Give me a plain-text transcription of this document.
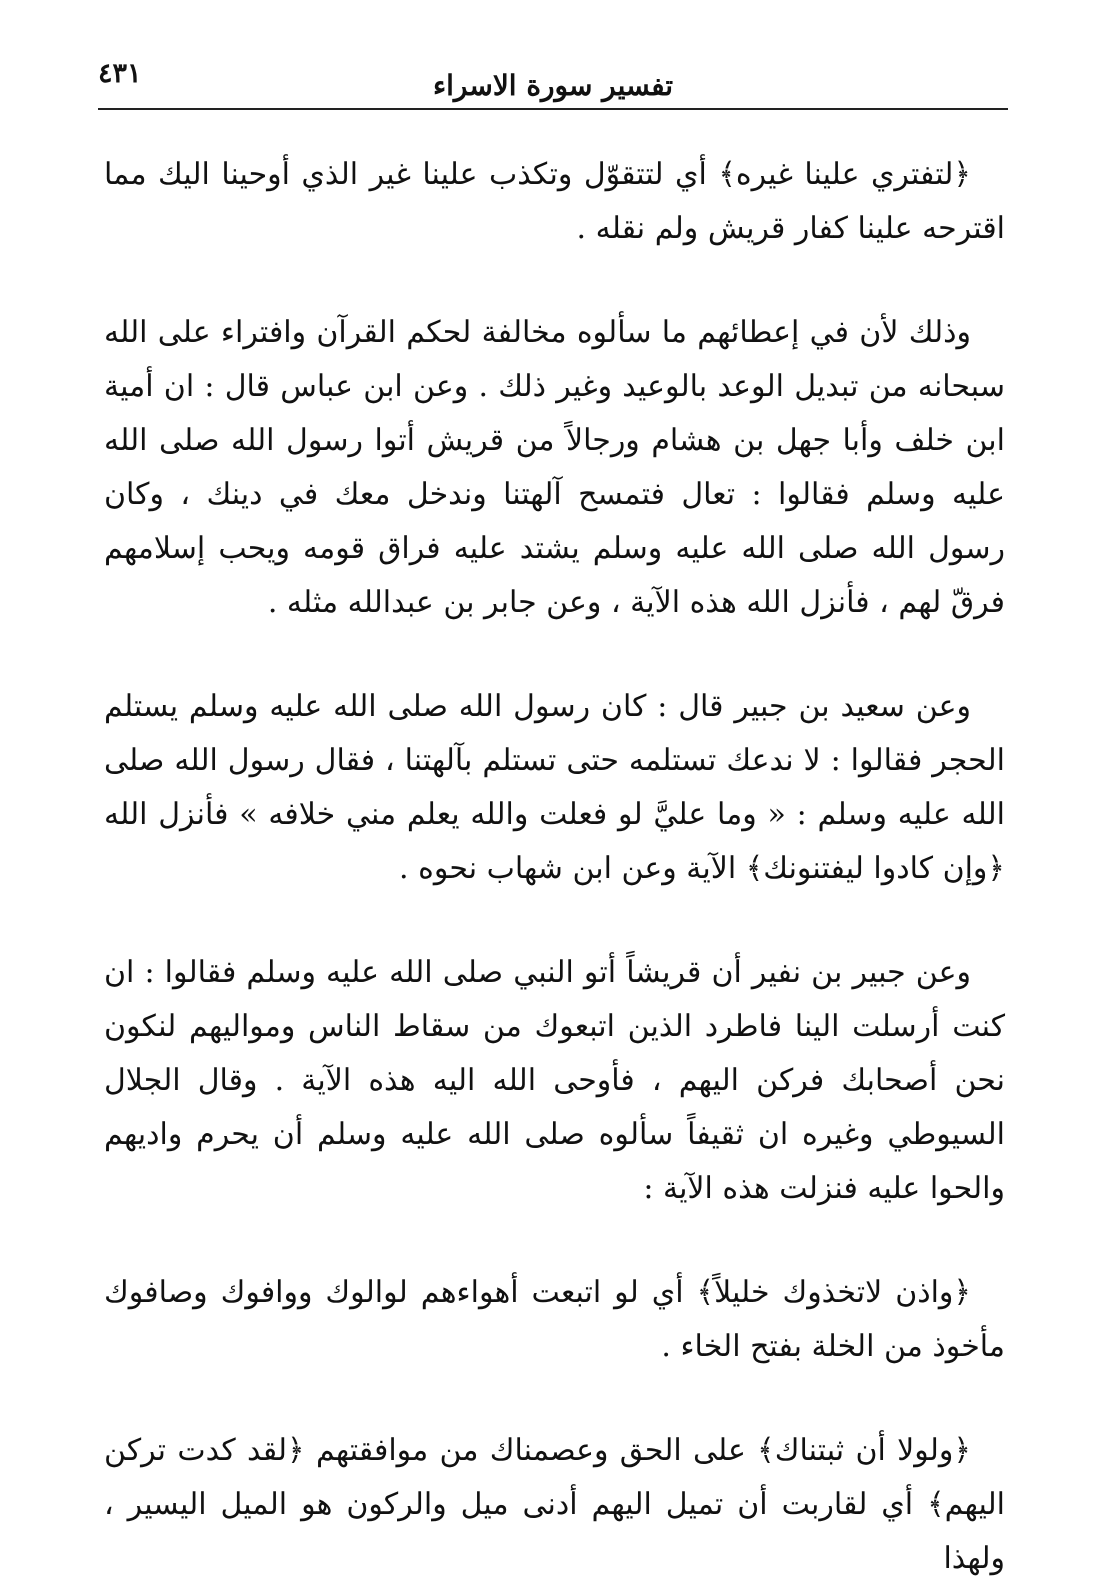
٤٣١	تفسير سورة الاسراء

﴿لتفتري علينا غيره﴾ أي لتتقوّل وتكذب علينا غير الذي أوحينا اليك مما اقترحه علينا كفار قريش ولم نقله .

وذلك لأن في إعطائهم ما سألوه مخالفة لحكم القرآن وافتراء على الله سبحانه من تبديل الوعد بالوعيد وغير ذلك . وعن ابن عباس قال : ان أمية ابن خلف وأبا جهل بن هشام ورجالاً من قريش أتوا رسول الله صلى الله عليه وسلم فقالوا : تعال فتمسح آلهتنا وندخل معك في دينك ، وكان رسول الله صلى الله عليه وسلم يشتد عليه فراق قومه ويحب إسلامهم فرقّ لهم ، فأنزل الله هذه الآية ، وعن جابر بن عبدالله مثله .

وعن سعيد بن جبير قال : كان رسول الله صلى الله عليه وسلم يستلم الحجر فقالوا : لا ندعك تستلمه حتى تستلم بآلهتنا ، فقال رسول الله صلى الله عليه وسلم : « وما عليَّ لو فعلت والله يعلم مني خلافه » فأنزل الله ﴿وإن كادوا ليفتنونك﴾ الآية وعن ابن شهاب نحوه .

وعن جبير بن نفير أن قريشاً أتو النبي صلى الله عليه وسلم فقالوا : ان كنت أرسلت الينا فاطرد الذين اتبعوك من سقاط الناس ومواليهم لنكون نحن أصحابك فركن اليهم ، فأوحى الله اليه هذه الآية . وقال الجلال السيوطي وغيره ان ثقيفاً سألوه صلى الله عليه وسلم أن يحرم واديهم والحوا عليه فنزلت هذه الآية :

﴿واذن لاتخذوك خليلاً﴾ أي لو اتبعت أهواءهم لوالوك ووافوك وصافوك مأخوذ من الخلة بفتح الخاء .

﴿ولولا أن ثبتناك﴾ على الحق وعصمناك من موافقتهم ﴿لقد كدت تركن اليهم﴾ أي لقاربت أن تميل اليهم أدنى ميل والركون هو الميل اليسير ، ولهذا
